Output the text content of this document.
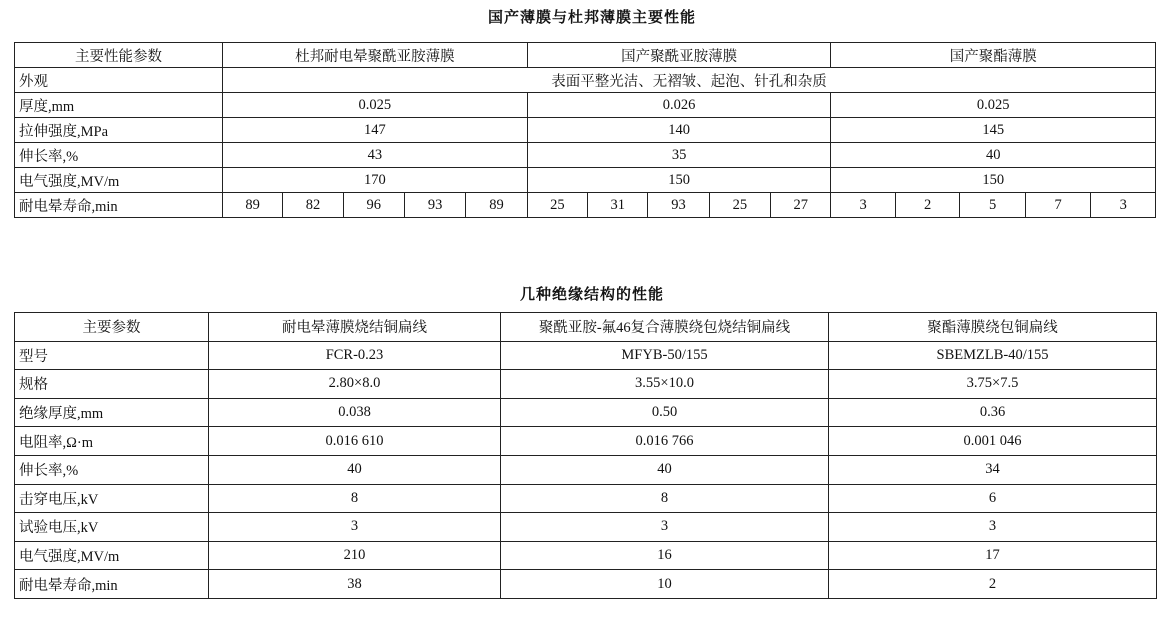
国产薄膜与杜邦薄膜主要性能
主要性能参数	杜邦耐电晕聚酰亚胺薄膜					国产聚酰亚胺薄膜					国产聚酯薄膜				
外观	表面平整光洁、无褶皱、起泡、针孔和杂质														
厚度,mm	0.025					0.026					0.025				
拉伸强度,MPa	147					140					145				
伸长率,%	43					35					40				
电气强度,MV/m	170					150					150				
耐电晕寿命,min	89	82	96	93	89	25	31	93	25	27	3	2	5	7	3
几种绝缘结构的性能
主要参数	耐电晕薄膜烧结铜扁线	聚酰亚胺-氟46复合薄膜绕包烧结铜扁线	聚酯薄膜绕包铜扁线
型号	FCR-0.23	MFYB-50/155	SBEMZLB-40/155
规格	2.80×8.0	3.55×10.0	3.75×7.5
绝缘厚度,mm	0.038	0.50	0.36
电阻率,Ω·m	0.016 610	0.016 766	0.001 046
伸长率,%	40	40	34
击穿电压,kV	8	8	6
试验电压,kV	3	3	3
电气强度,MV/m	210	16	17
耐电晕寿命,min	38	10	2
